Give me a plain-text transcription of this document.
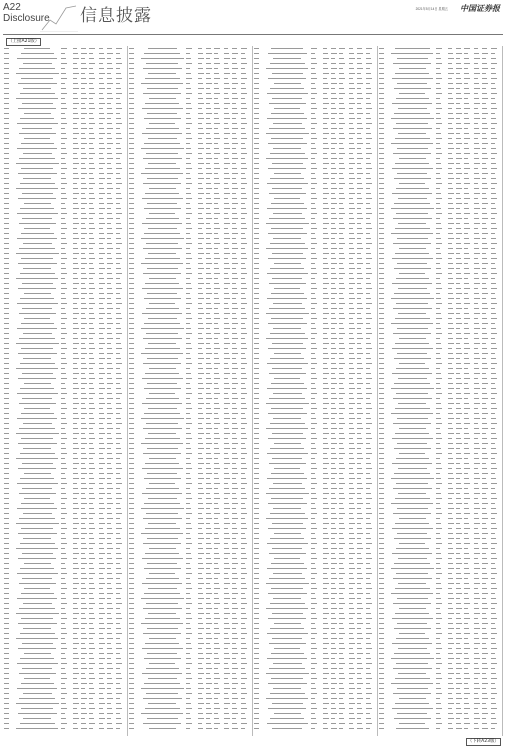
A22
Disclosure 信息披露	2021年5月14日 星期五 中国证券报
（上接A21版）
（下转A23版）
